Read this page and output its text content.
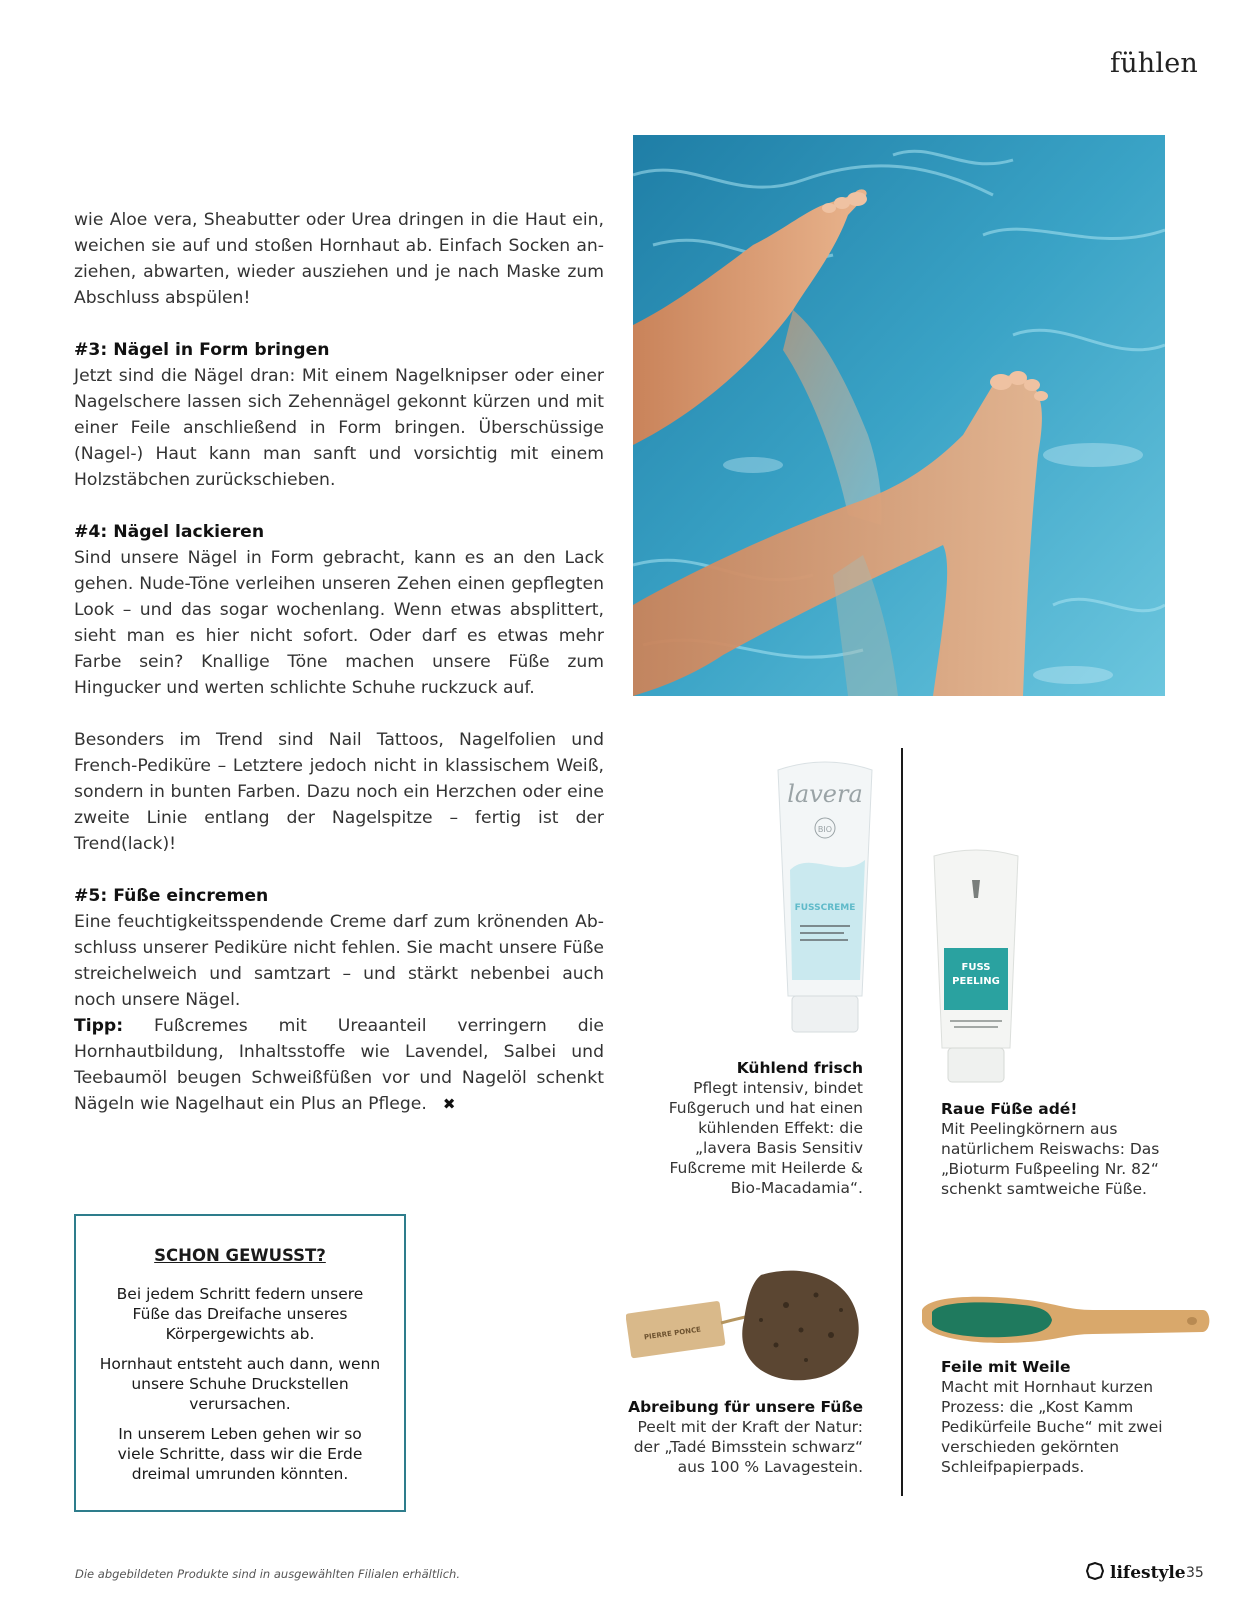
fühlen

wie Aloe vera, Sheabutter oder Urea dringen in die Haut ein, weichen sie auf und stoßen Hornhaut ab. Einfach Socken anziehen, abwarten, wieder ausziehen und je nach Maske zum Abschluss abspülen!

#3: Nägel in Form bringen

Jetzt sind die Nägel dran: Mit einem Nagelknipser oder einer Nagelschere lassen sich Zehennägel gekonnt kürzen und mit einer Feile anschließend in Form bringen. Überschüssige (Nagel-) Haut kann man sanft und vorsichtig mit einem Holzstäbchen zurückschieben.

#4: Nägel lackieren

Sind unsere Nägel in Form gebracht, kann es an den Lack gehen. Nude-Töne verleihen unseren Zehen einen gepflegten Look – und das sogar wochenlang. Wenn etwas absplittert, sieht man es hier nicht sofort. Oder darf es etwas mehr Farbe sein? Knallige Töne machen unsere Füße zum Hingucker und werten schlichte Schuhe ruckzuck auf.

Besonders im Trend sind Nail Tattoos, Nagelfolien und French-Pediküre – Letztere jedoch nicht in klassischem Weiß, sondern in bunten Farben. Dazu noch ein Herzchen oder eine zweite Linie entlang der Nagelspitze – fertig ist der Trend(lack)!

#5: Füße eincremen

Eine feuchtigkeitsspendende Creme darf zum krönenden Abschluss unserer Pediküre nicht fehlen. Sie macht unsere Füße streichelweich und samtzart – und stärkt nebenbei auch noch unsere Nägel.

Tipp: Fußcremes mit Ureaanteil verringern die Hornhautbildung, Inhaltsstoffe wie Lavendel, Salbei und Teebaumöl beugen Schweißfüßen vor und Nagelöl schenkt Nägeln wie Nagelhaut ein Plus an Pflege. ✖

SCHON GEWUSST?

Bei jedem Schritt federn unsere Füße das Dreifache unseres Körpergewichts ab.

Hornhaut entsteht auch dann, wenn unsere Schuhe Druckstellen verursachen.

In unserem Leben gehen wir so viele Schritte, dass wir die Erde dreimal umrunden könnten.

lavera
BIO
FUSSCREME
Kühlend frisch
Pflegt intensiv, bindet Fußgeruch und hat einen kühlenden Effekt: die „lavera Basis Sensitiv Fußcreme mit Heilerde & Bio-Macadamia“.
FUSS
PEELING
Raue Füße adé!
Mit Peelingkörnern aus natürlichem Reiswachs: Das „Bioturm Fußpeeling Nr. 82“ schenkt samtweiche Füße.
PIERRE PONCE
Abreibung für unsere Füße
Peelt mit der Kraft der Natur: der „Tadé Bimsstein schwarz“ aus 100 % Lavagestein.
Feile mit Weile
Macht mit Hornhaut kurzen Prozess: die „Kost Kamm Pedikürfeile Buche“ mit zwei verschieden gekörnten Schleifpapierpads.
Die abgebildeten Produkte sind in ausgewählten Filialen erhältlich.	lifestyle 35
